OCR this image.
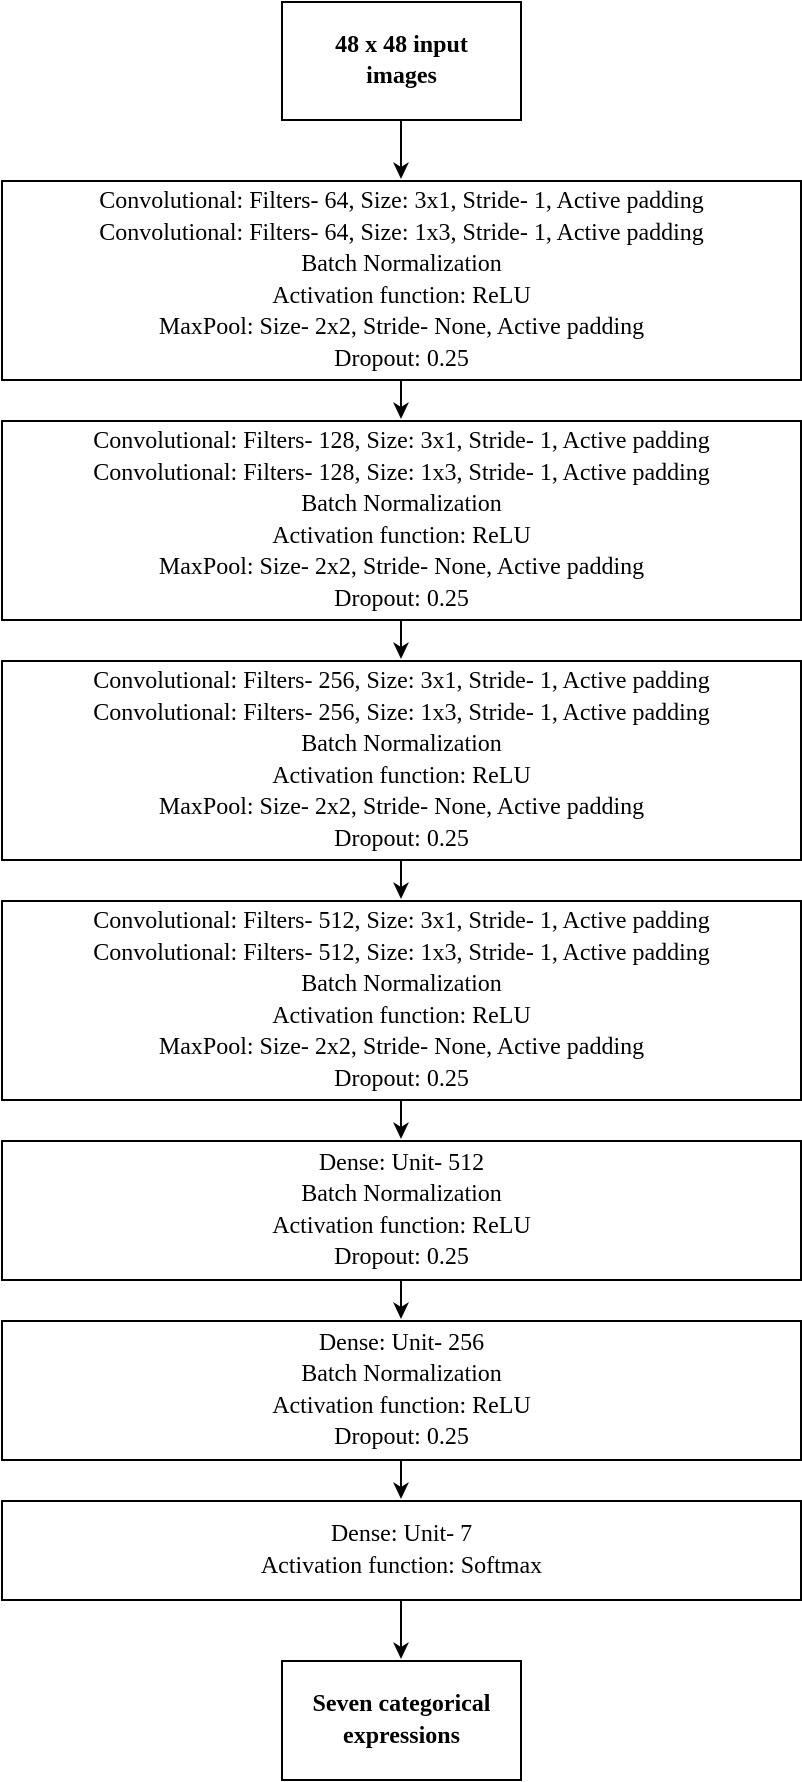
48 x 48 input
images
Convolutional: Filters- 64, Size: 3x1, Stride- 1, Active padding
Convolutional: Filters- 64, Size: 1x3, Stride- 1, Active padding
Batch Normalization
Activation function: ReLU
MaxPool: Size- 2x2, Stride- None, Active padding
Dropout: 0.25
Convolutional: Filters- 128, Size: 3x1, Stride- 1, Active padding
Convolutional: Filters- 128, Size: 1x3, Stride- 1, Active padding
Batch Normalization
Activation function: ReLU
MaxPool: Size- 2x2, Stride- None, Active padding
Dropout: 0.25
Convolutional: Filters- 256, Size: 3x1, Stride- 1, Active padding
Convolutional: Filters- 256, Size: 1x3, Stride- 1, Active padding
Batch Normalization
Activation function: ReLU
MaxPool: Size- 2x2, Stride- None, Active padding
Dropout: 0.25
Convolutional: Filters- 512, Size: 3x1, Stride- 1, Active padding
Convolutional: Filters- 512, Size: 1x3, Stride- 1, Active padding
Batch Normalization
Activation function: ReLU
MaxPool: Size- 2x2, Stride- None, Active padding
Dropout: 0.25
Dense: Unit- 512
Batch Normalization
Activation function: ReLU
Dropout: 0.25
Dense: Unit- 256
Batch Normalization
Activation function: ReLU
Dropout: 0.25
Dense: Unit- 7
Activation function: Softmax
Seven categorical
expressions
